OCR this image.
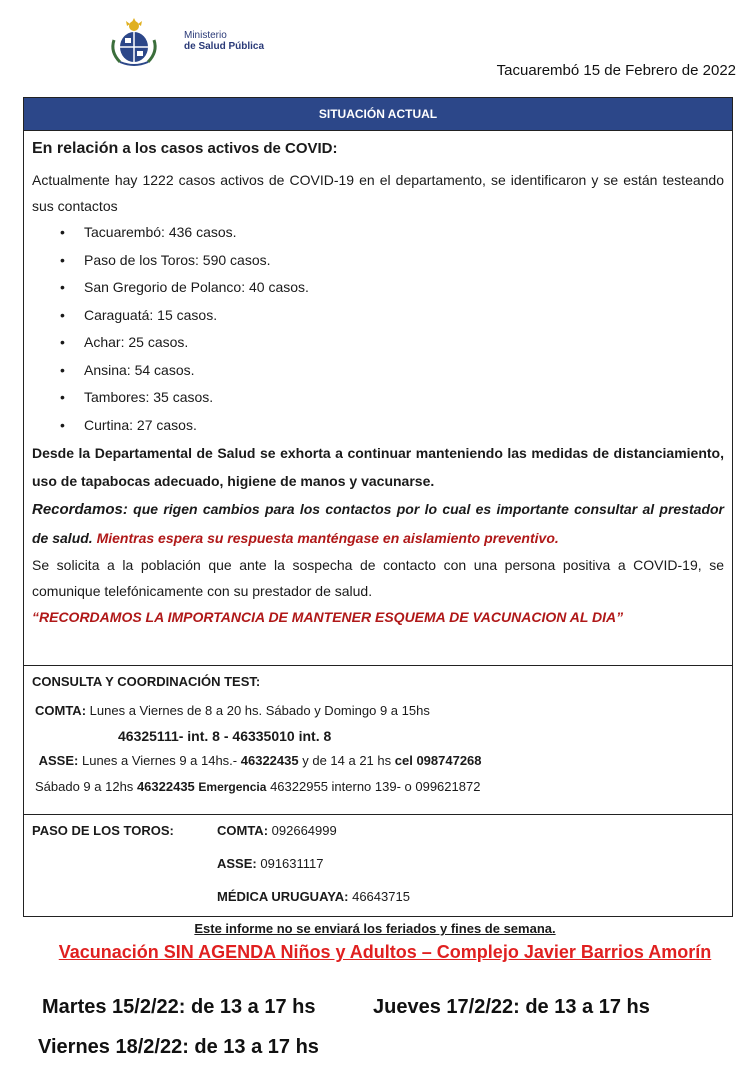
Ministerio
de Salud Pública
Tacuarembó 15 de Febrero de 2022
SITUACIÓN ACTUAL
En relación a los casos activos de COVID:
Actualmente hay 1222 casos activos de COVID-19 en el departamento, se identificaron y se están testeando sus contactos
• Tacuarembó: 436 casos.
• Paso de los Toros: 590 casos.
• San Gregorio de Polanco: 40 casos.
• Caraguatá: 15 casos.
• Achar: 25 casos.
• Ansina: 54 casos.
• Tambores: 35 casos.
• Curtina: 27 casos.
Desde la Departamental de Salud se exhorta a continuar manteniendo las medidas de distanciamiento, uso de tapabocas adecuado, higiene de manos y vacunarse.
Recordamos: que rigen cambios para los contactos por lo cual es importante consultar al prestador de salud. Mientras espera su respuesta manténgase en aislamiento preventivo.
Se solicita a la población que ante la sospecha de contacto con una persona positiva a COVID-19, se comunique telefónicamente con su prestador de salud.
“RECORDAMOS LA IMPORTANCIA DE MANTENER ESQUEMA DE VACUNACION AL DIA”
CONSULTA Y COORDINACIÓN TEST:
COMTA: Lunes a Viernes de 8 a 20 hs. Sábado y Domingo 9 a 15hs
46325111- int. 8 - 46335010 int. 8
ASSE: Lunes a Viernes 9 a 14hs.- 46322435 y de 14 a 21 hs cel 098747268
Sábado 9 a 12hs 46322435 Emergencia 46322955 interno 139- o 099621872
PASO DE LOS TOROS:	COMTA: 092664999
ASSE: 091631117
MÉDICA URUGUAYA: 46643715
Este informe no se enviará los feriados y fines de semana.
Vacunación SIN AGENDA Niños y Adultos – Complejo Javier Barrios Amorín
Martes 15/2/22: de 13 a 17 hs	Jueves 17/2/22: de 13 a 17 hs
Viernes 18/2/22: de 13 a 17 hs
